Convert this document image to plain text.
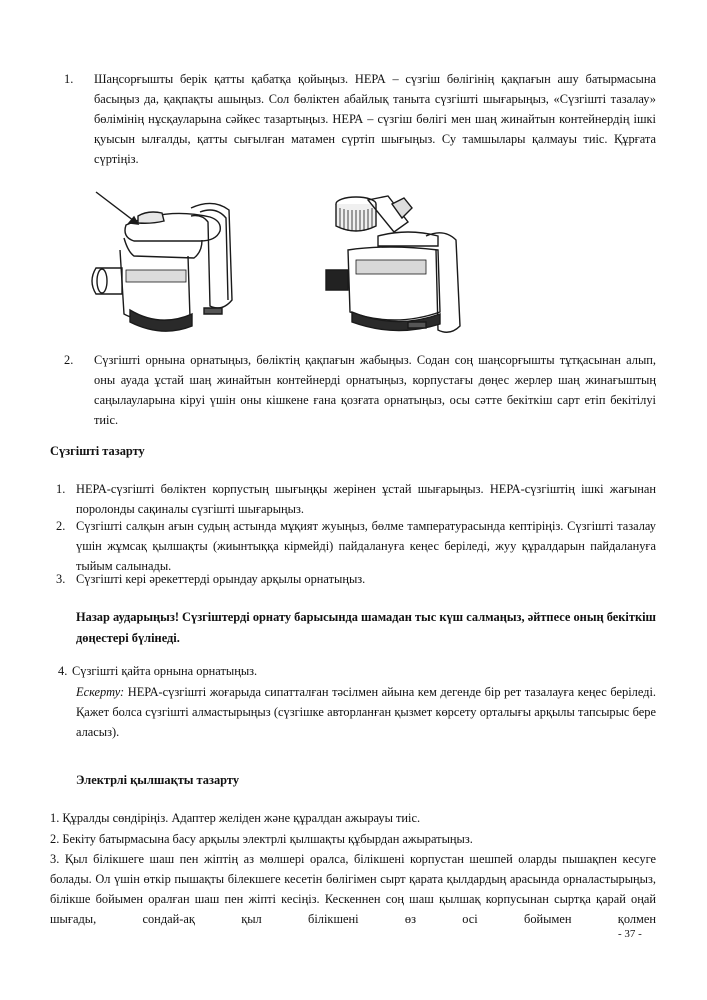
1. Шаңсорғышты берік қатты қабатқа қойыңыз. НЕРА – сүзгіш бөлігінің қақпағын ашу батырмасына басыңыз да, қақпақты ашыңыз. Сол бөліктен абайлық таныта сүзгішті шығарыңыз, «Сүзгішті тазалау» бөлімінің нұсқауларына сәйкес тазартыңыз. НЕРА – сүзгіш бөлігі мен шаң жинайтын контейнердің ішкі қуысын ылғалды, қатты сығылған матамен сүртіп шығыңыз. Су тамшылары қалмауы тиіс. Құрғата сүртіңіз.

2. Сүзгішті орнына орнатыңыз, бөліктің қақпағын жабыңыз. Содан соң шаңсорғышты тұтқасынан алып, оны ауада ұстай шаң жинайтын контейнерді орнатыңыз, корпустағы дөңес жерлер шаң жинағыштың саңылауларына кіруі үшін оны кішкене ғана қозғата орнатыңыз, осы сәтте бекіткіш сарт етіп бекітілуі тиіс.

Сүзгішті тазарту

1. НЕРА-сүзгішті бөліктен корпустың шығыңқы жерінен ұстай шығарыңыз. НЕРА-сүзгіштің ішкі жағынан поролонды сақиналы сүзгішті шығарыңыз.

2. Сүзгішті салқын ағын судың астында мұқият жуыңыз, бөлме тамператураcында кептіріңіз. Сүзгішті тазалау үшін жұмсақ қылшақты (жиынтыққа кірмейді) пайдалануға кеңес беріледі, жуу құралдарын пайдалануға тыйым салынады.

3. Сүзгішті кері әрекеттерді орындау арқылы орнатыңыз.

Назар аударыңыз! Сүзгіштерді орнату барысында шамадан тыс күш салмаңыз, әйтпесе оның бекіткіш дөңестері бүлінеді.

4. Сүзгішті қайта орнына орнатыңыз.

Ескерту: НЕРА-сүзгішті жоғарыда сипатталған тәсілмен айына кем дегенде бір рет тазалауға кеңес беріледі. Қажет болса сүзгішті алмастырыңыз (сүзгішке авторланған қызмет көрсету орталығы арқылы тапсырыс бере аласыз).

Электрлі қылшақты тазарту

1. Құралды сөндіріңіз. Адаптер желіден және құралдан ажырауы тиіс.

2. Бекіту батырмасына басу арқылы электрлі қылшақты құбырдан ажыратыңыз.

3. Қыл білікшеге шаш пен жіптің аз мөлшері оралса, білікшені корпустан шешпей оларды пышақпен кесуге болады. Ол үшін өткір пышақты білекшеге кесетін бөлігімен сырт қарата қылдардың арасында орналастырыңыз, білікше бойымен оралған шаш пен жіпті кесіңіз. Кескеннен соң шаш қылшақ корпусынан сыртқа қарай оңай шығады, сондай-ақ қыл білікшені өз осі бойымен қолмен

- 37 -
